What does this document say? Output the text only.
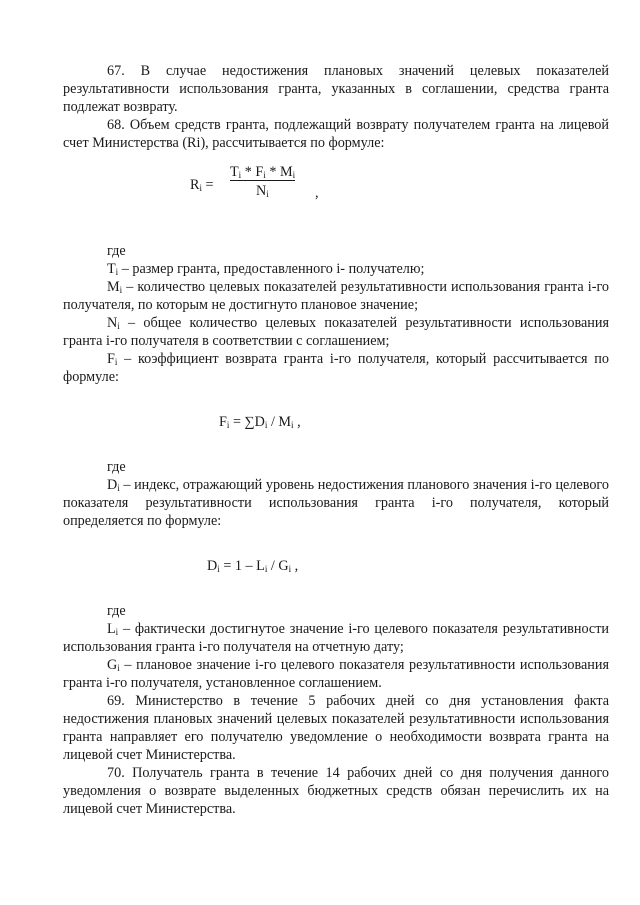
67. В случае недостижения плановых значений целевых показателей результативности использования гранта, указанных в соглашении, средства гранта подлежат возврату.

68. Объем средств гранта, подлежащий возврату получателем гранта на лицевой счет Министерства (Ri), рассчитывается по формуле:

$R_i$ =
$T_i * F_i * M_i$
$N_i$	,

где

$T_i$ – размер гранта, предоставленного i- получателю;

$M_i$ – количество целевых показателей результативности использования гранта i-го получателя, по которым не достигнуто плановое значение;

$N_i$ – общее количество целевых показателей результативности использования гранта i-го получателя в соответствии с соглашением;

$F_i$ – коэффициент возврата гранта i-го получателя, который рассчитывается по формуле:

$F_i = \sum D_i / M_i$ ,

где

$D_i$ – индекс, отражающий уровень недостижения планового значения i-го целевого показателя результативности использования гранта i-го получателя, который определяется по формуле:

$D_i = 1 - L_i / G_i$ ,

где

$L_i$ – фактически достигнутое значение i-го целевого показателя результативности использования гранта i-го получателя на отчетную дату;

$G_i$ – плановое значение i-го целевого показателя результативности использования гранта i-го получателя, установленное соглашением.

69. Министерство в течение 5 рабочих дней со дня установления факта недостижения плановых значений целевых показателей результативности использования гранта направляет его получателю уведомление о необходимости возврата гранта на лицевой счет Министерства.

70. Получатель гранта в течение 14 рабочих дней со дня получения данного уведомления о возврате выделенных бюджетных средств обязан перечислить их на лицевой счет Министерства.
